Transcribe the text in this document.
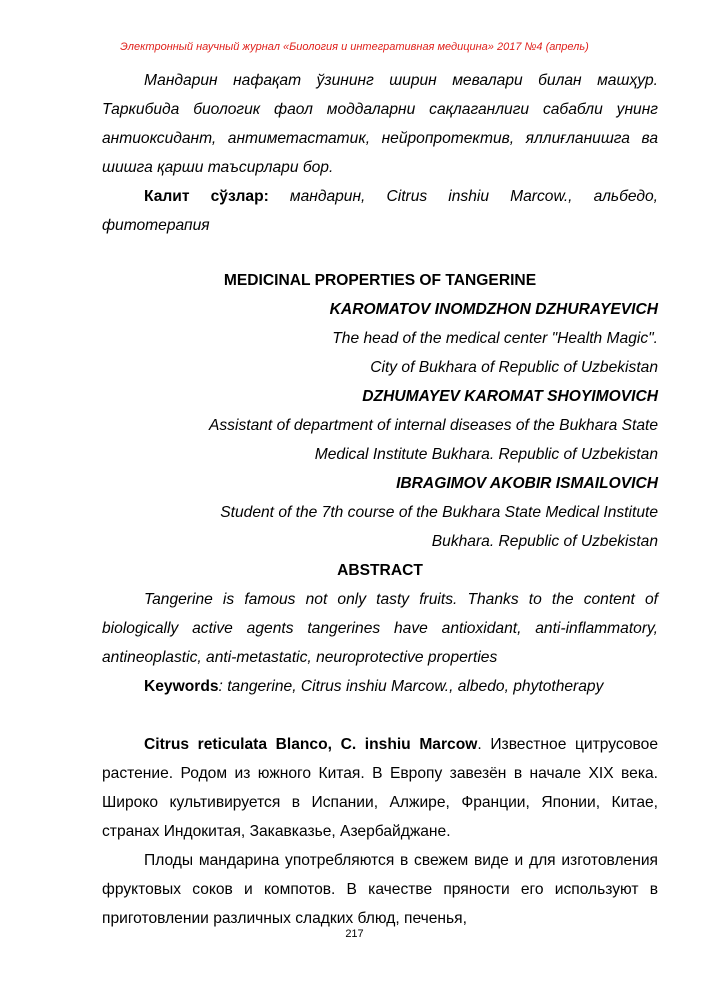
Электронный научный журнал «Биология и интегративная медицина» 2017 №4 (апрель)

Мандарин нафақат ўзининг ширин мевалари билан машҳур. Таркибида биологик фаол моддаларни сақлаганлиги сабабли унинг антиоксидант, антиметастатик, нейропротектив, яллиғланишга ва шишга қарши таъсирлари бор.

Калит сўзлар: мандарин, Citrus inshiu Marcow., альбедо, фитотерапия

MEDICINAL PROPERTIES OF TANGERINE

KAROMATOV INOMDZHON DZHURAYEVICH

The head of the medical center "Health Magic".

City of Bukhara of Republic of Uzbekistan

DZHUMAYEV KAROMAT SHOYIMOVICH

Assistant of department of internal diseases of the Bukhara State

Medical Institute Bukhara. Republic of Uzbekistan

IBRAGIMOV AKOBIR ISMAILOVICH

Student of the 7th course of the Bukhara State Medical Institute

Bukhara. Republic of Uzbekistan

ABSTRACT

Tangerine is famous not only tasty fruits. Thanks to the content of biologically active agents tangerines have antioxidant, anti-inflammatory, antineoplastic, anti-metastatic, neuroprotective properties

Keywords: tangerine, Citrus inshiu Marcow., albedo, phytotherapy

Citrus reticulata Blanco, C. inshiu Marcow. Известное цитрусовое растение. Родом из южного Китая. В Европу завезён в начале XIX века. Широко культивируется в Испании, Алжире, Франции, Японии, Китае, странах Индокитая, Закавказье, Азербайджане.

Плоды мандарина употребляются в свежем виде и для изготовления фруктовых соков и компотов. В качестве пряности его используют в приготовлении различных сладких блюд, печенья,

217
